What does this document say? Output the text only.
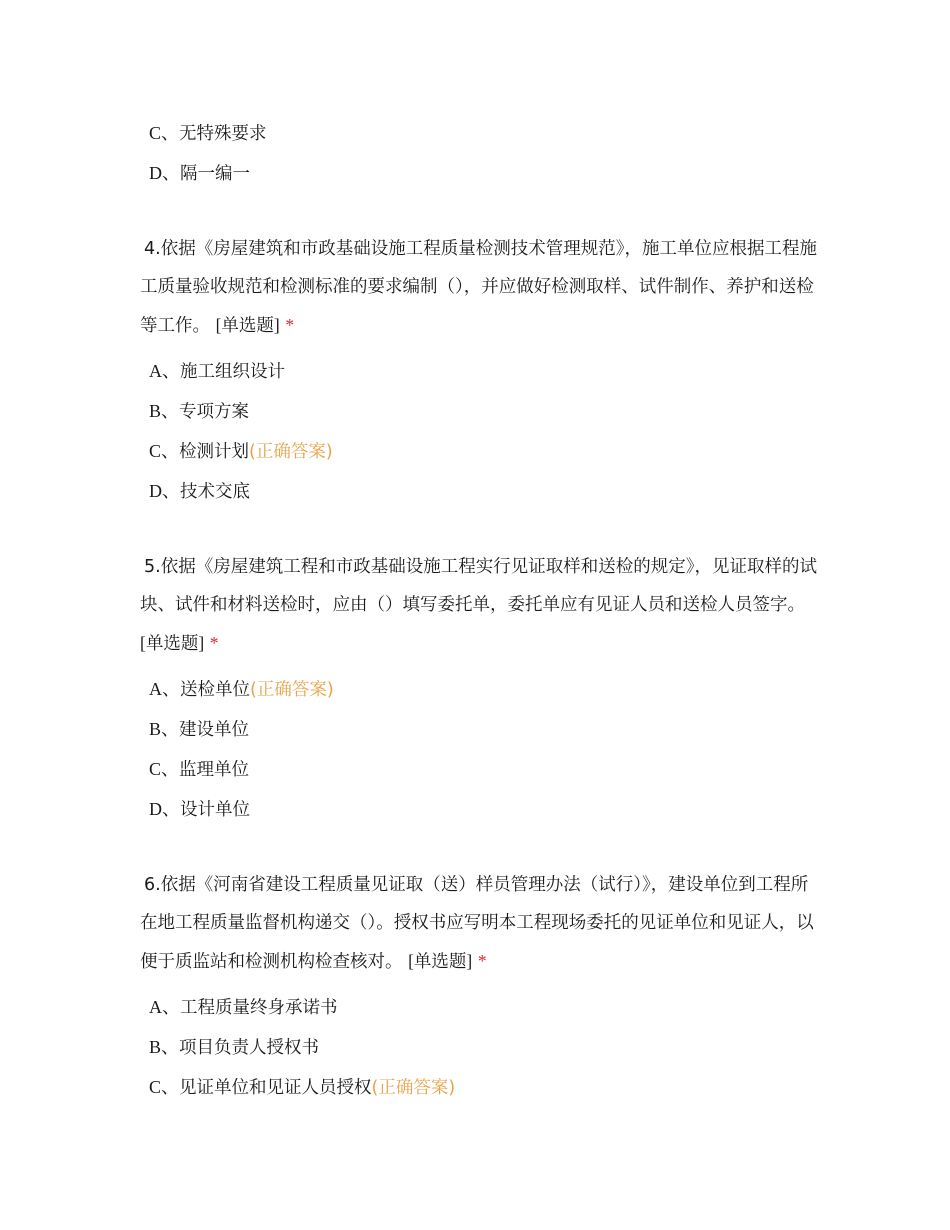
C、无特殊要求
D、隔一编一
4.依据《房屋建筑和市政基础设施工程质量检测技术管理规范》，施工单位应根据工程施工质量验收规范和检测标准的要求编制（），并应做好检测取样、试件制作、养护和送检等工作。 [单选题] *
A、施工组织设计
B、专项方案
C、检测计划(正确答案)
D、技术交底
5.依据《房屋建筑工程和市政基础设施工程实行见证取样和送检的规定》，见证取样的试块、试件和材料送检时，应由（）填写委托单，委托单应有见证人员和送检人员签字。 [单选题] *
A、送检单位(正确答案)
B、建设单位
C、监理单位
D、设计单位
6.依据《河南省建设工程质量见证取（送）样员管理办法（试行）》，建设单位到工程所在地工程质量监督机构递交（）。授权书应写明本工程现场委托的见证单位和见证人，以便于质监站和检测机构检查核对。 [单选题] *
A、工程质量终身承诺书
B、项目负责人授权书
C、见证单位和见证人员授权(正确答案)
